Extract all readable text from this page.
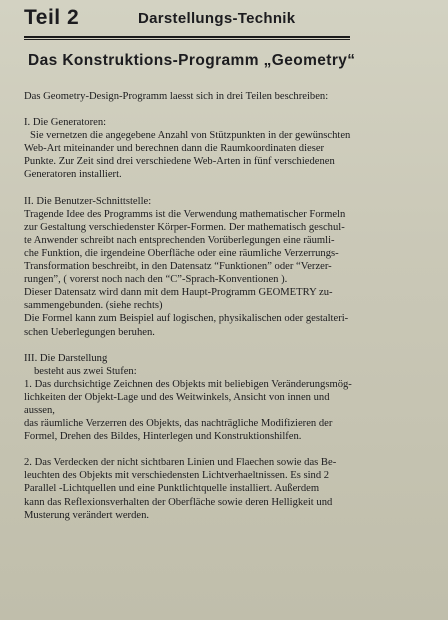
Teil 2	Darstellungs-Technik
Das Konstruktions-Programm „Geometry“
Das Geometry-Design-Programm laesst sich in drei Teilen beschreiben:
I. Die Generatoren:
Sie vernetzen die angegebene Anzahl von Stützpunkten in der gewünschten
Web-Art miteinander und berechnen dann die Raumkoordinaten dieser
Punkte. Zur Zeit sind drei verschiedene Web-Arten in fünf verschiedenen
Generatoren installiert.
II. Die Benutzer-Schnittstelle:
Tragende Idee des Programms ist die Verwendung mathematischer Formeln
zur Gestaltung verschiedenster Körper-Formen. Der mathematisch geschul-
te Anwender schreibt nach entsprechenden Vorüberlegungen eine räumli-
che Funktion, die irgendeine Oberfläche oder eine räumliche Verzerrungs-
Transformation beschreibt, in den Datensatz “Funktionen” oder “Verzer-
rungen”, ( vorerst noch nach den “C”-Sprach-Konventionen ).
Dieser Datensatz wird dann mit dem Haupt-Programm GEOMETRY zu-
sammengebunden. (siehe rechts)
Die Formel kann zum Beispiel auf logischen, physikalischen oder gestalteri-
schen Ueberlegungen beruhen.
III. Die Darstellung
besteht aus zwei Stufen:
1. Das durchsichtige Zeichnen des Objekts mit beliebigen Veränderungsmög-
lichkeiten der Objekt-Lage und des Weitwinkels, Ansicht von innen und
aussen,
das räumliche Verzerren des Objekts, das nachträgliche Modifizieren der
Formel, Drehen des Bildes, Hinterlegen und Konstruktionshilfen.
2. Das Verdecken der nicht sichtbaren Linien und Flaechen sowie das Be-
leuchten des Objekts mit verschiedensten Lichtverhaeltnissen. Es sind 2
Parallel -Lichtquellen und eine Punktlichtquelle installiert. Außerdem
kann das Reflexionsverhalten der Oberfläche sowie deren Helligkeit und
Musterung verändert werden.
